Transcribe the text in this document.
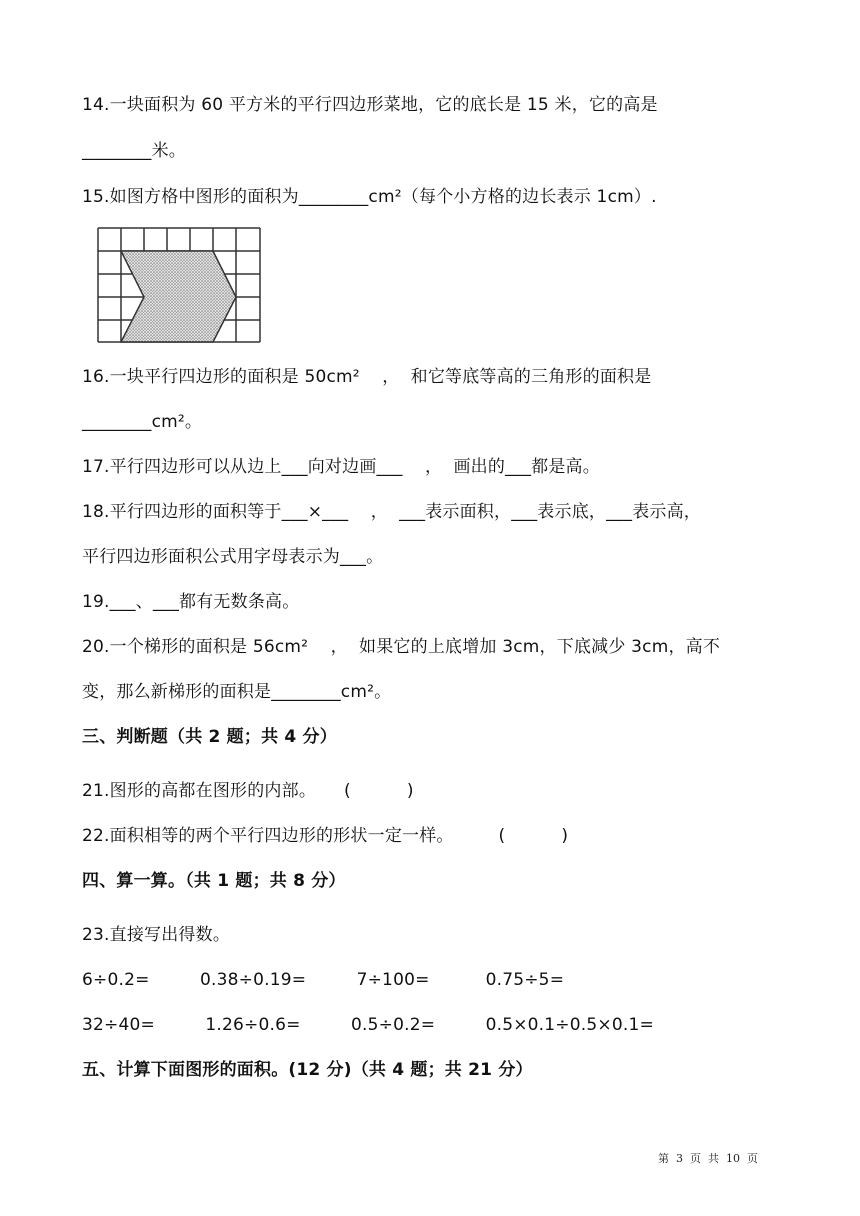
14.一块面积为 60 平方米的平行四边形菜地，它的底长是 15 米，它的高是
________米。
15.如图方格中图形的面积为________cm²（每个小方格的边长表示 1cm）.
16.一块平行四边形的面积是 50cm²    ，  和它等底等高的三角形的面积是
________cm²。
17.平行四边形可以从边上___向对边画___    ，  画出的___都是高。
18.平行四边形的面积等于___×___    ，  ___表示面积，___表示底，___表示高，
平行四边形面积公式用字母表示为___。
19.___、___都有无数条高。
20.一个梯形的面积是 56cm²    ，  如果它的上底增加 3cm，下底减少 3cm，高不
变，那么新梯形的面积是________cm²。
三、判断题（共 2 题；共 4 分）
21.图形的高都在图形的内部。     (          )
22.面积相等的两个平行四边形的形状一定一样。        (          )
四、算一算。（共 1 题；共 8 分）
23.直接写出得数。
6÷0.2=         0.38÷0.19=         7÷100=          0.75÷5=
32÷40=         1.26÷0.6=         0.5÷0.2=         0.5×0.1÷0.5×0.1=
五、计算下面图形的面积。(12 分)（共 4 题；共 21 分）
第  3  页  共  10  页
